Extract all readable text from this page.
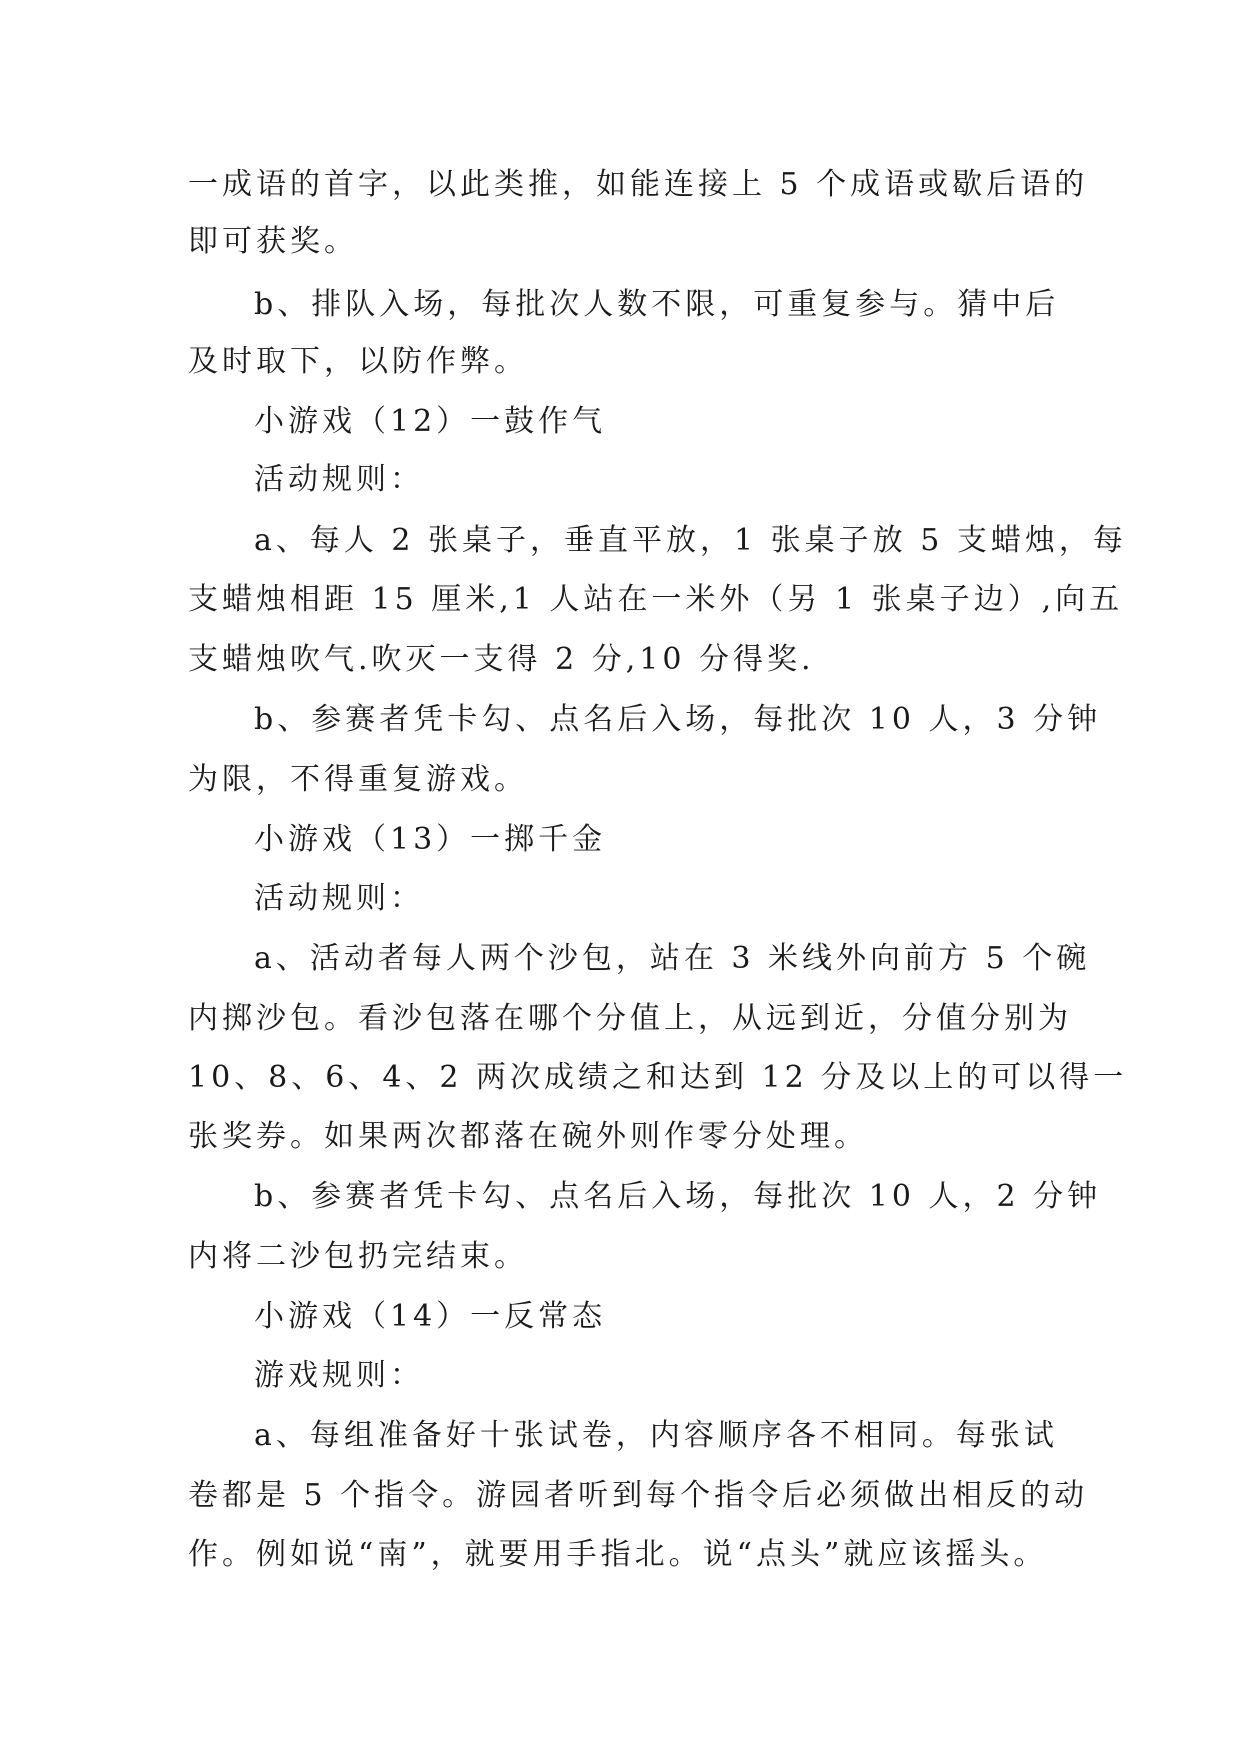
一成语的首字，以此类推，如能连接上 5 个成语或歇后语的
即可获奖。
b、排队入场，每批次人数不限，可重复参与。猜中后
及时取下，以防作弊。
小游戏（12）一鼓作气
活动规则：
a、每人 2 张桌子，垂直平放，1 张桌子放 5 支蜡烛，每
支蜡烛相距 15 厘米,1 人站在一米外（另 1 张桌子边）,向五
支蜡烛吹气.吹灭一支得 2 分,10 分得奖.
b、参赛者凭卡勾、点名后入场，每批次 10 人，3 分钟
为限，不得重复游戏。
小游戏（13）一掷千金
活动规则：
a、活动者每人两个沙包，站在 3 米线外向前方 5 个碗
内掷沙包。看沙包落在哪个分值上，从远到近，分值分别为
10、8、6、4、2 两次成绩之和达到 12 分及以上的可以得一
张奖券。如果两次都落在碗外则作零分处理。
b、参赛者凭卡勾、点名后入场，每批次 10 人，2 分钟
内将二沙包扔完结束。
小游戏（14）一反常态
游戏规则：
a、每组准备好十张试卷，内容顺序各不相同。每张试
卷都是 5 个指令。游园者听到每个指令后必须做出相反的动
作。例如说“南”，就要用手指北。说“点头”就应该摇头。
